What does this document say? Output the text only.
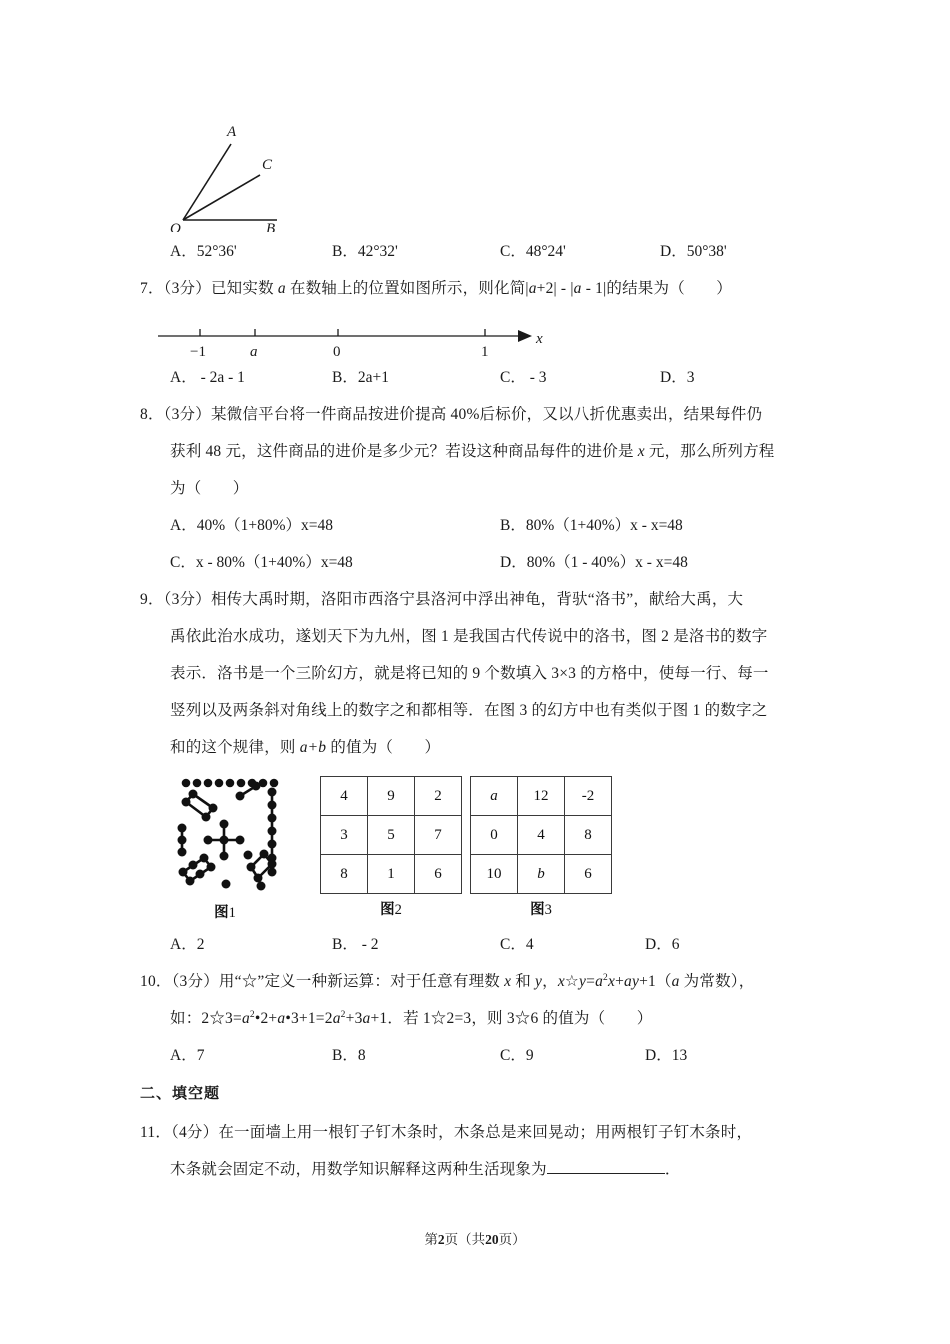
A
C
O	B
−1	a	0	1
x
A．52°36'	B．42°32'	C．48°24'	D．50°38'
7．（3分）已知实数 a 在数轴上的位置如图所示，则化简|a+2| - |a - 1|的结果为（　　）
A． - 2a - 1	B．2a+1	C． - 3	D．3
8．（3分）某微信平台将一件商品按进价提高 40%后标价，又以八折优惠卖出，结果每件仍
获利 48 元，这件商品的进价是多少元？若设这种商品每件的进价是 x 元，那么所列方程
为（　　）
A．40%（1+80%）x=48	B．80%（1+40%）x - x=48
C．x - 80%（1+40%）x=48	D．80%（1 - 40%）x - x=48
9．（3分）相传大禹时期，洛阳市西洛宁县洛河中浮出神龟，背驮“洛书”，献给大禹，大
禹依此治水成功，遂划天下为九州，图 1 是我国古代传说中的洛书，图 2 是洛书的数字
表示．洛书是一个三阶幻方，就是将已知的 9 个数填入 3×3 的方格中，使每一行、每一
竖列以及两条斜对角线上的数字之和都相等．在图 3 的幻方中也有类似于图 1 的数字之
和的这个规律，则 a+b 的值为（　　）
图1
4	9	2
3	5	7
8	1	6
图2
a	12	-2
0	4	8
10	b	6
图3
A．2	B． - 2	C．4	D．6
10．（3分）用“☆”定义一种新运算：对于任意有理数 x 和 y，$x☆y=a^2x+ay+1(a$ 为常数），
如：$2☆3=a^2•2+a•3+1=2a^2+3a+1$．若 1☆2=3，则 3☆6 的值为（　　）
A．7	B．8	C．9	D．13
二、填空题
11．（4分）在一面墙上用一根钉子钉木条时，木条总是来回晃动；用两根钉子钉木条时，
木条就会固定不动，用数学知识解释这两种生活现象为	．
第2页（共20页）
